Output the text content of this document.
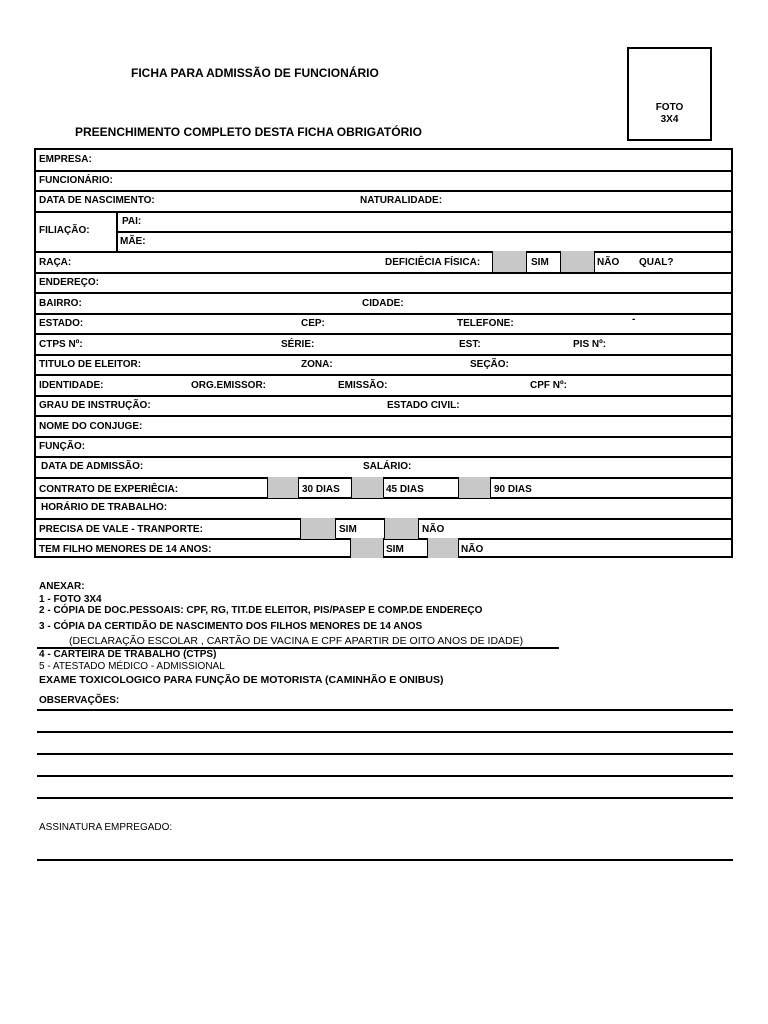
FICHA PARA ADMISSÃO DE FUNCIONÁRIO
PREENCHIMENTO COMPLETO DESTA FICHA OBRIGATÓRIO
FOTO
3X4
EMPRESA:
FUNCIONÁRIO:
DATA DE NASCIMENTO:	NATURALIDADE:
FILIAÇÃO:
PAI:
MÃE:
RAÇA:	DEFICIÊCIA FÍSICA:	SIM	NÃO QUAL?
ENDEREÇO:
BAIRRO:	CIDADE:
ESTADO:	CEP:	TELEFONE:	-
CTPS Nº:	SÉRIE:	EST:	PIS Nº:
TITULO DE ELEITOR:	ZONA:	SEÇÃO:
IDENTIDADE:	ORG.EMISSOR:	EMISSÃO:	CPF Nº:
GRAU DE INSTRUÇÃO:	ESTADO CIVIL:
NOME DO CONJUGE:
FUNÇÃO:
DATA DE ADMISSÃO:	SALÁRIO:
CONTRATO DE EXPERIÊCIA:	30 DIAS	45 DIAS	90 DIAS
HORÁRIO DE TRABALHO:
PRECISA DE VALE - TRANPORTE:	SIM	NÃO
TEM FILHO MENORES DE 14 ANOS:	SIM	NÃO
ANEXAR:
1 - FOTO 3X4
2 - CÓPIA DE DOC.PESSOAIS: CPF, RG, TIT.DE ELEITOR, PIS/PASEP E COMP.DE ENDEREÇO
3 - CÓPIA DA CERTIDÃO DE NASCIMENTO DOS FILHOS MENORES DE 14 ANOS
(DECLARAÇÃO ESCOLAR , CARTÃO DE VACINA E CPF APARTIR DE OITO ANOS DE IDADE)
4 - CARTEIRA DE TRABALHO (CTPS)
5 - ATESTADO MÉDICO - ADMISSIONAL
EXAME TOXICOLOGICO PARA FUNÇÃO DE MOTORISTA (CAMINHÃO E ONIBUS)
OBSERVAÇÕES:
ASSINATURA EMPREGADO:
